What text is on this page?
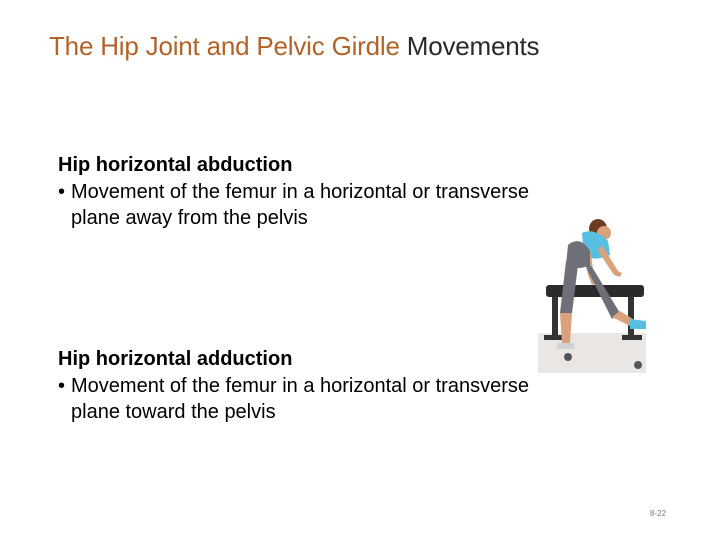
The Hip Joint and Pelvic Girdle Movements
Hip horizontal abduction
• Movement of the femur in a horizontal or transverse plane away from the pelvis
Hip horizontal adduction
• Movement of the femur in a horizontal or transverse plane toward the pelvis
8-22
